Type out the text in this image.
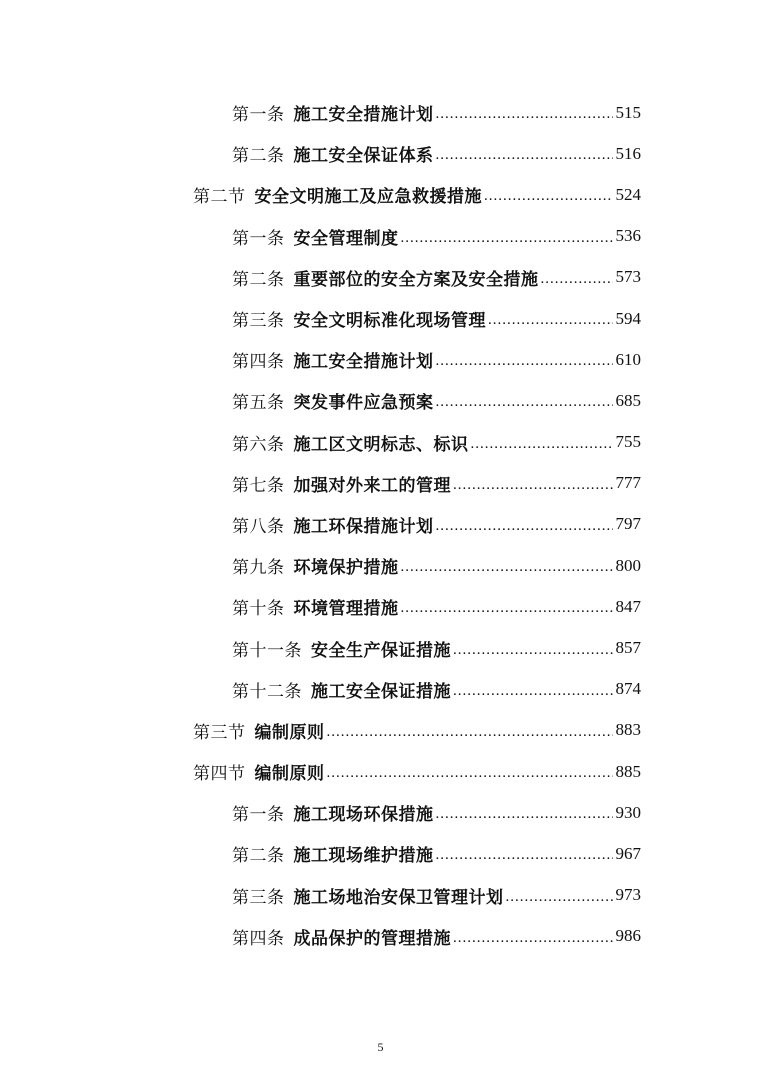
第一条 施工安全措施计划 .....	515
第二条 施工安全保证体系 .....	516
第二节 安全文明施工及应急救援措施 .....	524
第一条 安全管理制度 .....	536
第二条 重要部位的安全方案及安全措施 .....	573
第三条 安全文明标准化现场管理 .....	594
第四条 施工安全措施计划 .....	610
第五条 突发事件应急预案 .....	685
第六条 施工区文明标志、标识 .....	755
第七条 加强对外来工的管理 .....	777
第八条 施工环保措施计划 .....	797
第九条 环境保护措施 .....	800
第十条 环境管理措施 .....	847
第十一条 安全生产保证措施 .....	857
第十二条 施工安全保证措施 .....	874
第三节 编制原则 .....	883
第四节 编制原则 .....	885
第一条 施工现场环保措施 .....	930
第二条 施工现场维护措施 .....	967
第三条 施工场地治安保卫管理计划 .....	973
第四条 成品保护的管理措施 .....	986
5
